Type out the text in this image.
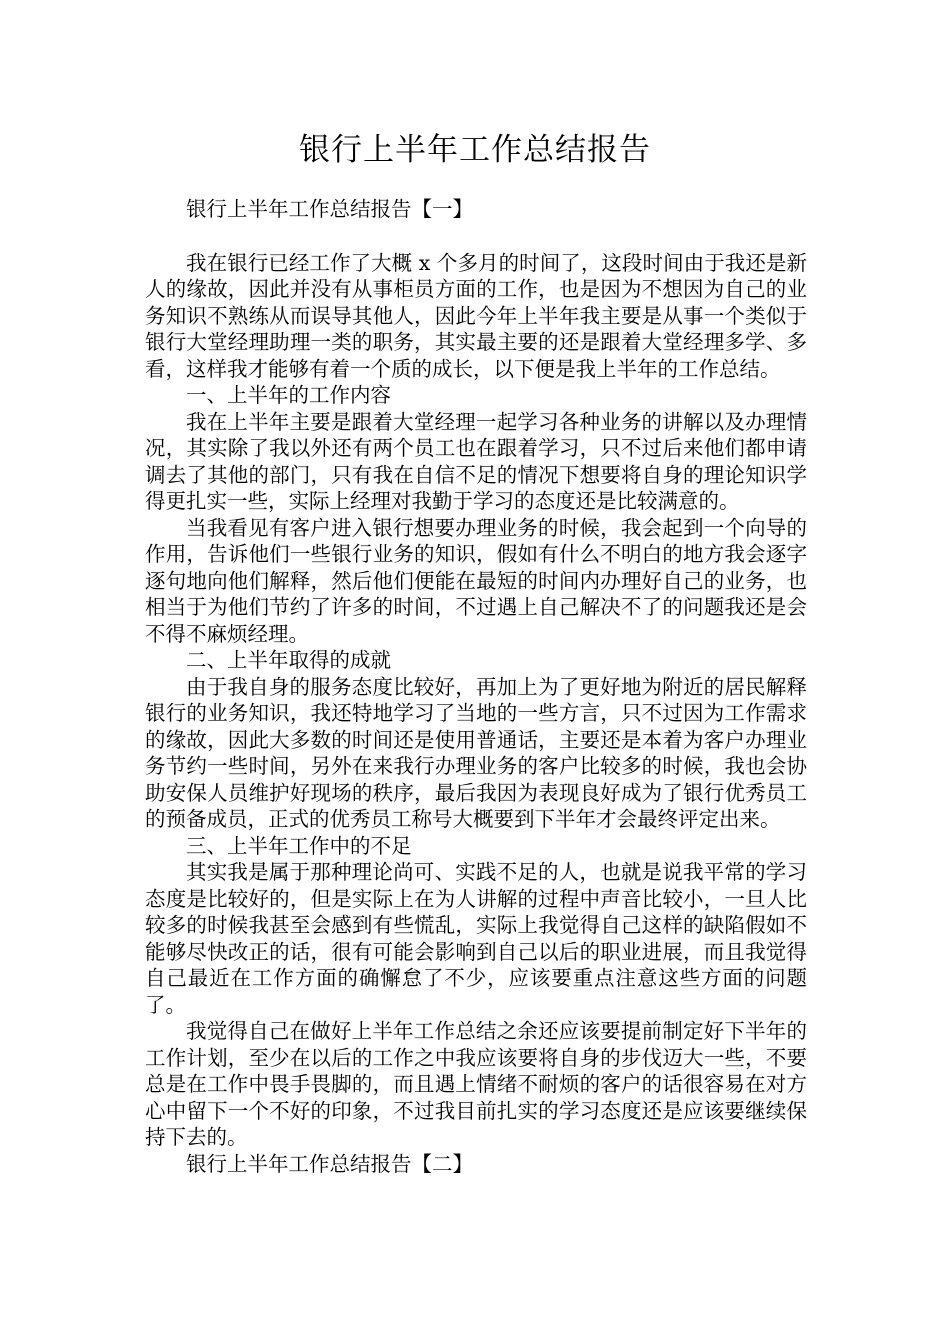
银行上半年工作总结报告

银行上半年工作总结报告【一】

我在银行已经工作了大概 x 个多月的时间了，这段时间由于我还是新人的缘故，因此并没有从事柜员方面的工作，也是因为不想因为自己的业务知识不熟练从而误导其他人，因此今年上半年我主要是从事一个类似于银行大堂经理助理一类的职务，其实最主要的还是跟着大堂经理多学、多看，这样我才能够有着一个质的成长，以下便是我上半年的工作总结。

一、上半年的工作内容

我在上半年主要是跟着大堂经理一起学习各种业务的讲解以及办理情况，其实除了我以外还有两个员工也在跟着学习，只不过后来他们都申请调去了其他的部门，只有我在自信不足的情况下想要将自身的理论知识学得更扎实一些，实际上经理对我勤于学习的态度还是比较满意的。

当我看见有客户进入银行想要办理业务的时候，我会起到一个向导的作用，告诉他们一些银行业务的知识，假如有什么不明白的地方我会逐字逐句地向他们解释，然后他们便能在最短的时间内办理好自己的业务，也相当于为他们节约了许多的时间，不过遇上自己解决不了的问题我还是会不得不麻烦经理。

二、上半年取得的成就

由于我自身的服务态度比较好，再加上为了更好地为附近的居民解释银行的业务知识，我还特地学习了当地的一些方言，只不过因为工作需求的缘故，因此大多数的时间还是使用普通话，主要还是本着为客户办理业务节约一些时间，另外在来我行办理业务的客户比较多的时候，我也会协助安保人员维护好现场的秩序，最后我因为表现良好成为了银行优秀员工的预备成员，正式的优秀员工称号大概要到下半年才会最终评定出来。

三、上半年工作中的不足

其实我是属于那种理论尚可、实践不足的人，也就是说我平常的学习态度是比较好的，但是实际上在为人讲解的过程中声音比较小，一旦人比较多的时候我甚至会感到有些慌乱，实际上我觉得自己这样的缺陷假如不能够尽快改正的话，很有可能会影响到自己以后的职业进展，而且我觉得自己最近在工作方面的确懈怠了不少，应该要重点注意这些方面的问题了。

我觉得自己在做好上半年工作总结之余还应该要提前制定好下半年的工作计划，至少在以后的工作之中我应该要将自身的步伐迈大一些，不要总是在工作中畏手畏脚的，而且遇上情绪不耐烦的客户的话很容易在对方心中留下一个不好的印象，不过我目前扎实的学习态度还是应该要继续保持下去的。

银行上半年工作总结报告【二】
